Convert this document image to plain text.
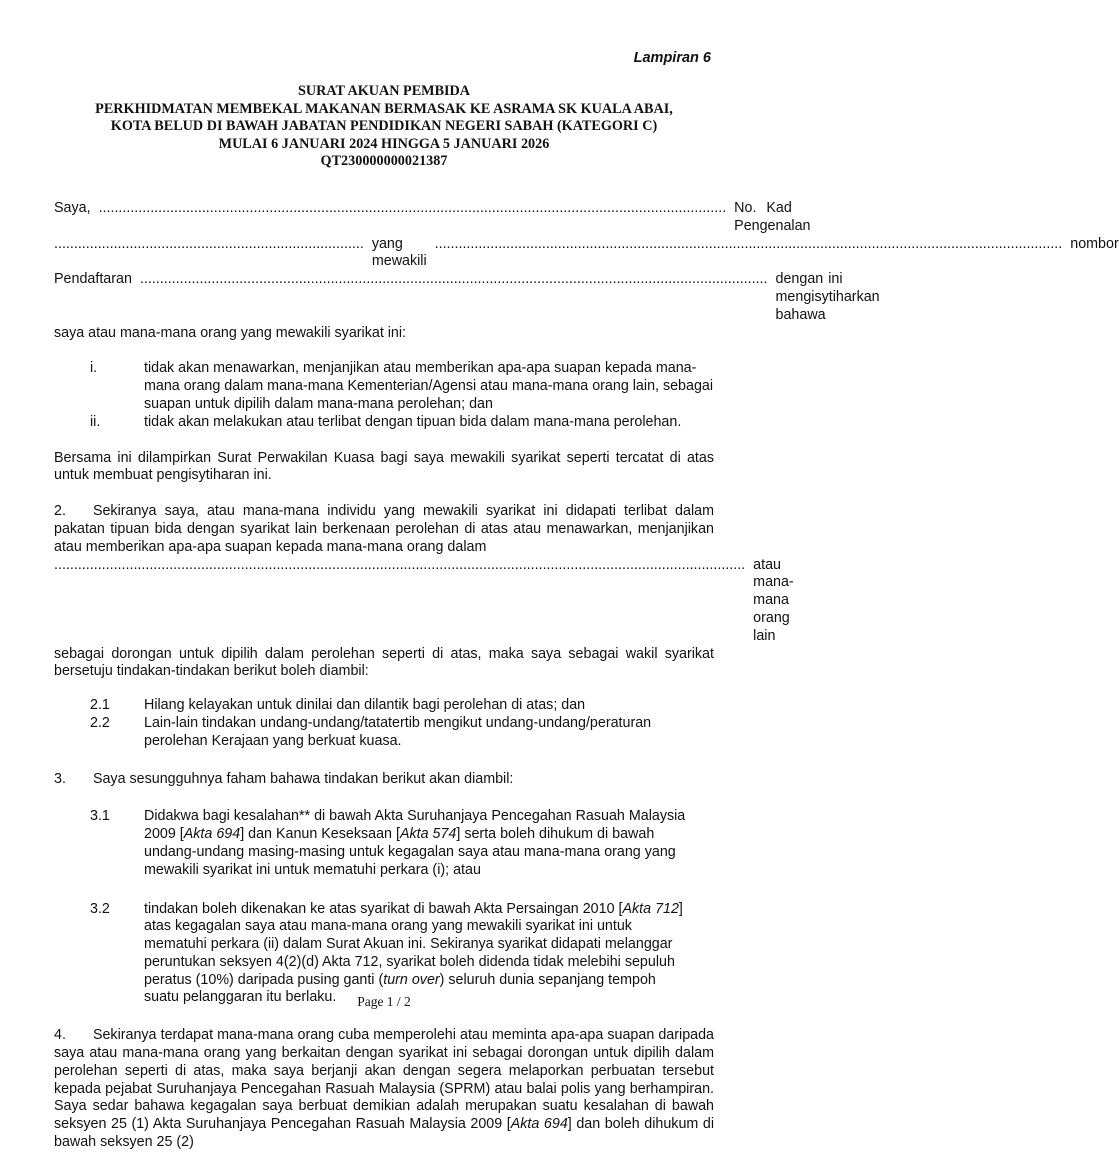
Lampiran 6
SURAT AKUAN PEMBIDA
PERKHIDMATAN MEMBEKAL MAKANAN BERMASAK KE ASRAMA SK KUALA ABAI,
KOTA BELUD DI BAWAH JABATAN PENDIDIKAN NEGERI SABAH (KATEGORI C)
MULAI 6 JANUARI 2024 HINGGA 5 JANUARI 2026
QT230000000021387
Saya, .............................................................................................................................................................. No. Kad Pengenalan
.............................................................................. yang mewakili
.............................................................................................................................................................. nombor
Pendaftaran .............................................................................................................................................................. dengan ini mengisytiharkan bahawa

saya atau mana-mana orang yang mewakili syarikat ini:

i.	tidak akan menawarkan, menjanjikan atau memberikan apa-apa suapan kepada mana-mana orang dalam mana-mana Kementerian/Agensi atau mana-mana orang lain, sebagai suapan untuk dipilih dalam mana-mana perolehan; dan
ii.	tidak akan melakukan atau terlibat dengan tipuan bida dalam mana-mana perolehan.

Bersama ini dilampirkan Surat Perwakilan Kuasa bagi saya mewakili syarikat seperti tercatat di atas untuk membuat pengisytiharan ini.

2. Sekiranya saya, atau mana-mana individu yang mewakili syarikat ini didapati terlibat dalam pakatan tipuan bida dengan syarikat lain berkenaan perolehan di atas atau menawarkan, menjanjikan atau memberikan apa-apa suapan kepada mana-mana orang dalam

.............................................................................................................................................................................. atau mana-mana orang lain

sebagai dorongan untuk dipilih dalam perolehan seperti di atas, maka saya sebagai wakil syarikat bersetuju tindakan-tindakan berikut boleh diambil:

2.1	Hilang kelayakan untuk dinilai dan dilantik bagi perolehan di atas; dan
2.2	Lain-lain tindakan undang-undang/tatatertib mengikut undang-undang/peraturan perolehan Kerajaan yang berkuat kuasa.

3. Saya sesungguhnya faham bahawa tindakan berikut akan diambil:

3.1	Didakwa bagi kesalahan** di bawah Akta Suruhanjaya Pencegahan Rasuah Malaysia 2009 [Akta 694] dan Kanun Keseksaan [Akta 574] serta boleh dihukum di bawah undang-undang masing-masing untuk kegagalan saya atau mana-mana orang yang mewakili syarikat ini untuk mematuhi perkara (i); atau
3.2	tindakan boleh dikenakan ke atas syarikat di bawah Akta Persaingan 2010 [Akta 712] atas kegagalan saya atau mana-mana orang yang mewakili syarikat ini untuk mematuhi perkara (ii) dalam Surat Akuan ini. Sekiranya syarikat didapati melanggar peruntukan seksyen 4(2)(d) Akta 712, syarikat boleh didenda tidak melebihi sepuluh peratus (10%) daripada pusing ganti (turn over) seluruh dunia sepanjang tempoh suatu pelanggaran itu berlaku.

4. Sekiranya terdapat mana-mana orang cuba memperolehi atau meminta apa-apa suapan daripada saya atau mana-mana orang yang berkaitan dengan syarikat ini sebagai dorongan untuk dipilih dalam perolehan seperti di atas, maka saya berjanji akan dengan segera melaporkan perbuatan tersebut kepada pejabat Suruhanjaya Pencegahan Rasuah Malaysia (SPRM) atau balai polis yang berhampiran. Saya sedar bahawa kegagalan saya berbuat demikian adalah merupakan suatu kesalahan di bawah seksyen 25 (1) Akta Suruhanjaya Pencegahan Rasuah Malaysia 2009 [Akta 694] dan boleh dihukum di bawah seksyen 25 (2)

Page 1 / 2
